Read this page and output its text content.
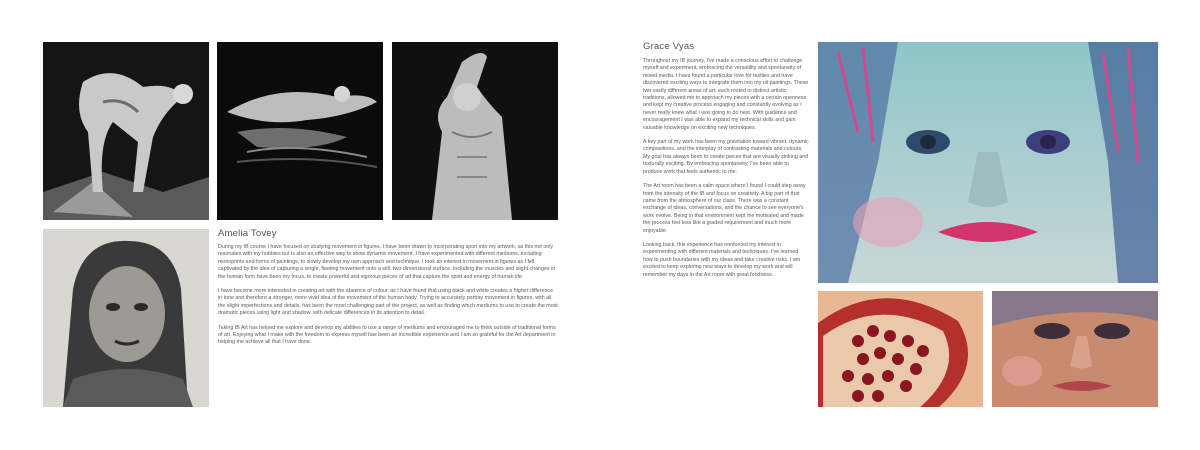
Amelia Tovey

During my IB course I have focused on studying movement in figures. I have been drawn to incorporating sport into my artwork, as this not only resonates with my hobbies but is also an effective way to show dynamic movement. I have experimented with different mediums, including monoprints and forms of paintings, to slowly develop my own approach and technique. I took an interest in movement in figures as I felt captivated by the idea of capturing a single, fleeting movement onto a still, two-dimensional surface. Including the muscles and slight changes in the human form have been my focus, to create powerful and vigorous pieces of art that capture the spirit and energy of human life.

I have become more interested in creating art with the absence of colour, as I have found that using black and white creates a higher difference in tone and therefore a stronger, more vivid idea of the movement of the human body. Trying to accurately portray movement in figures, with all the slight imperfections and details, has been the most challenging part of the project, as well as finding which mediums to use to create the most dramatic pieces using light and shadow, with delicate differences in its attention to detail.

Taking IB Art has helped me explore and develop my abilities to use a range of mediums and encouraged me to think outside of traditional forms of art. Enjoying what I make with the freedom to express myself has been an incredible experience and I am so grateful for the Art department in helping me achieve all that I have done.

Grace Vyas

Throughout my IB journey, I've made a conscious effort to challenge myself and experiment, embracing the versatility and spontaneity of mixed media. I have found a particular love for textiles and have discovered exciting ways to integrate them into my oil paintings. These two vastly different areas of art, each rooted in distinct artistic traditions, allowed me to approach my pieces with a certain openness and kept my creative process engaging and constantly evolving as I never really knew what I was going to do next. With guidance and encouragement I was able to expand my technical skills and gain valuable knowledge on exciting new techniques.

A key part of my work has been my gravitation toward vibrant, dynamic compositions, and the interplay of contrasting materials and colours. My goal has always been to create pieces that are visually striking and texturally exciting. By embracing spontaneity, I've been able to produce work that feels authentic to me.

The Art room has been a calm space where I found I could step away from the intensity of the IB and focus on creativity. A big part of that came from the atmosphere of our class. There was a constant exchange of ideas, conversations, and the chance to see everyone's work evolve. Being in that environment kept me motivated and made the process feel less like a graded requirement and much more enjoyable.

Looking back, this experience has reinforced my interest in experimenting with different materials and techniques. I've learned how to push boundaries with my ideas and take creative risks. I am excited to keep exploring new ways to develop my work and will remember my days in the Art room with great fondness.
